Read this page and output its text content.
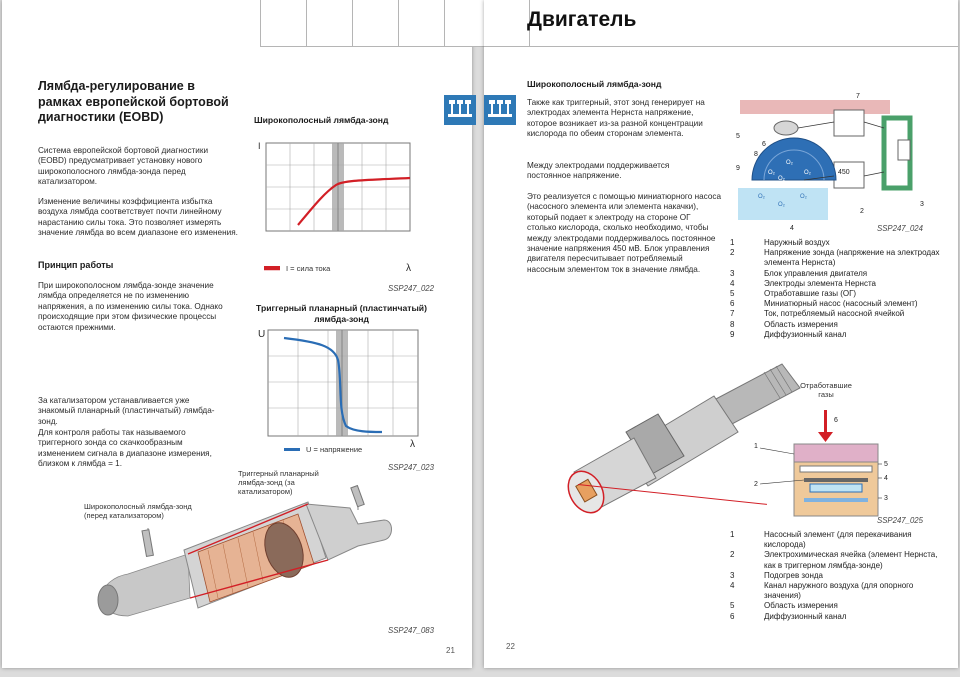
Лямбда-регулирование в рамках европейской бортовой диагностики (EOBD)
Система европейской бортовой диагностики (EOBD) предусматривает установку нового широкополосного лямбда-зонда перед катализатором.
Изменение величины коэффициента избытка воздуха лямбда соответствует почти линейному нарастанию силы тока. Это позволяет измерять значение лямбда во всем диапазоне его изменения.
Принцип работы
При широкополосном лямбда-зонде значение лямбда определяется не по изменению напряжения, а по изменению силы тока. Однако происходящие при этом физические процессы остаются прежними.
За катализатором устанавливается уже знакомый планарный (пластинчатый) лямбда-зонд.
Для контроля работы так называемого триггерного зонда со скачкообразным изменением сигнала в диапазоне измерения, близком к лямбда = 1.
Широкополосный лямбда-зонд
I
λ
I = сила тока
SSP247_022
Триггерный планарный (пластинчатый) лямбда-зонд
U
λ
U = напряжение
SSP247_023
Триггерный планарный лямбда-зонд (за катализатором)
Широкополосный лямбда-зонд (перед катализатором)
SSP247_083
21
Двигатель
Широкополосный лямбда-зонд
Также как триггерный, этот зонд генерирует на электродах элемента Нернста напряжение, которое возникает из-за разной концентрации кислорода по обеим сторонам элемента.
Между электродами поддерживается постоянное напряжение.
Это реализуется с помощью миниатюрного насоса (насосного элемента или элемента накачки), который подает к электроду на стороне ОГ столько кислорода, сколько необходимо, чтобы между электродами поддерживалось постоянное значение напряжения 450 мВ. Блок управления двигателя пересчитывает потребляемый насосным элементом ток в значение лямбда.
O₂
O₂
O₂
O₂
O₂
O₂
O₂
450
5
7
3
2
6
8
9
4	SSP247_024
1	Наружный воздух
2	Напряжение зонда (напряжение на электродах элемента Нернста)
3	Блок управления двигателя
4	Электроды элемента Нернста
5	Отработавшие газы (ОГ)
6	Миниатюрный насос (насосный элемент)
7	Ток, потребляемый насосной ячейкой
8	Область измерения
9	Диффузионный канал
Отработавшие газы
6
1
5
4
3
2
SSP247_025
1	Насосный элемент (для перекачивания кислорода)
2	Электрохимическая ячейка (элемент Нернста, как в триггерном лямбда-зонде)
3	Подогрев зонда
4	Канал наружного воздуха (для опорного значения)
5	Область измерения
6	Диффузионный канал
22
